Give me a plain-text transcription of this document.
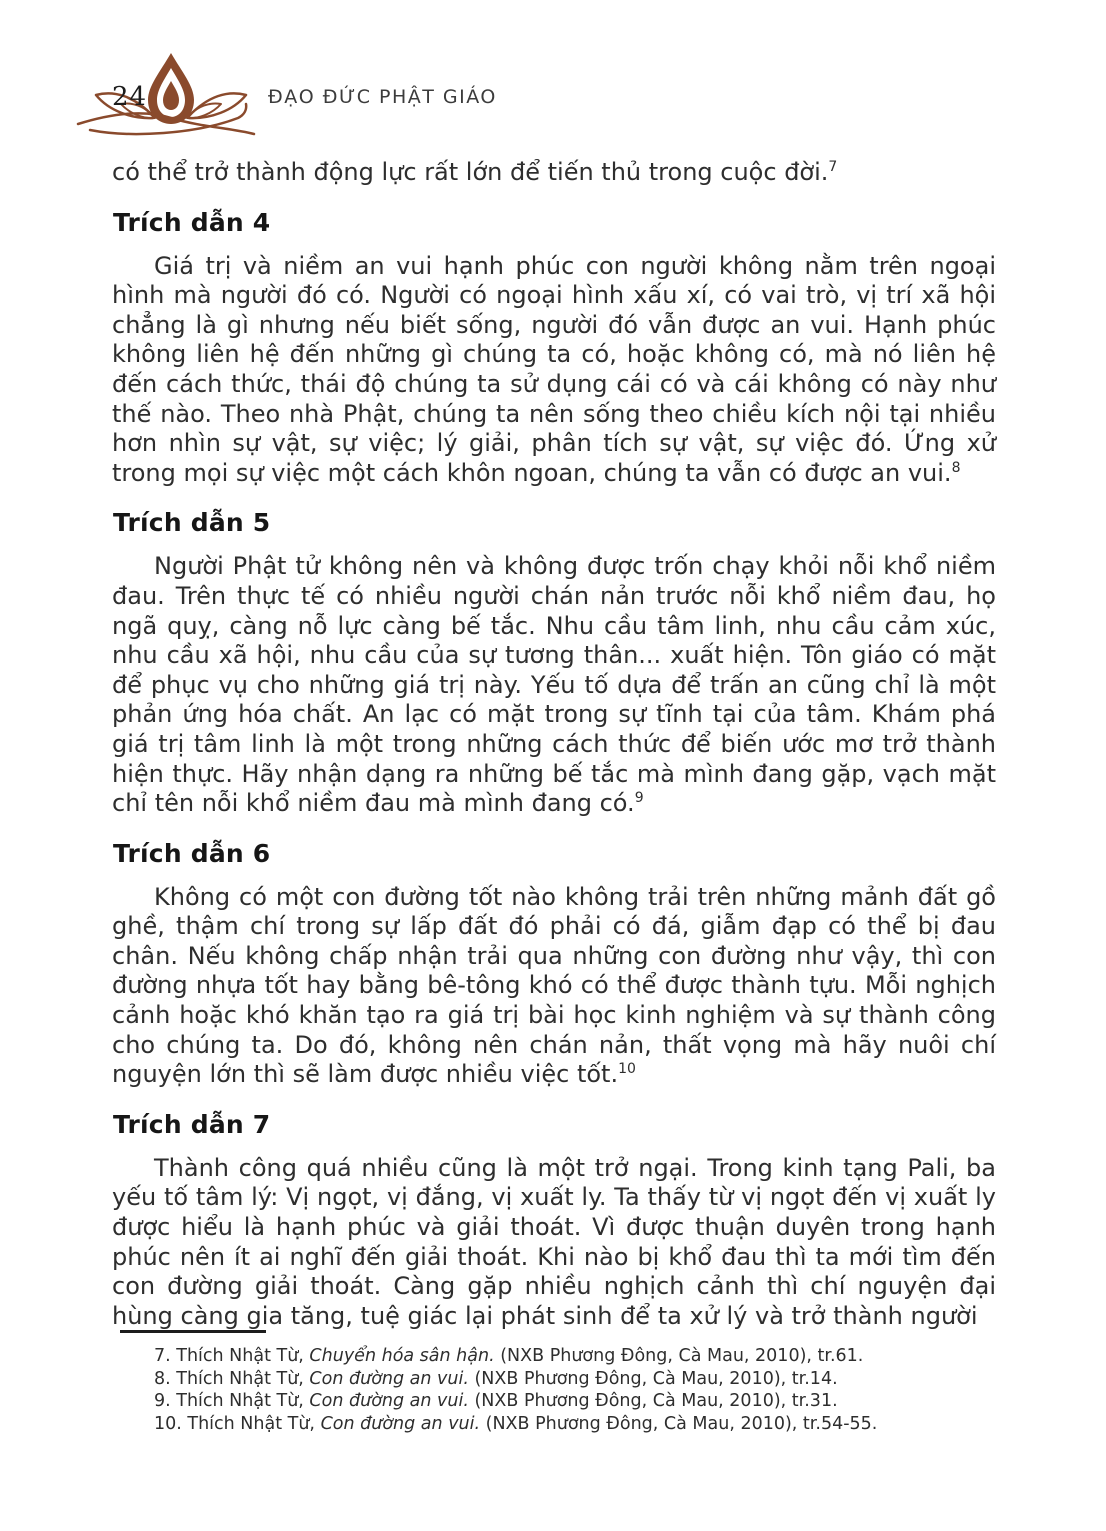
24	ĐẠO ĐỨC PHẬT GIÁO

có thể trở thành động lực rất lớn để tiến thủ trong cuộc đời.$^7$

Trích dẫn 4

Giá trị và niềm an vui hạnh phúc con người không nằm trên ngoại hình mà người đó có. Người có ngoại hình xấu xí, có vai trò, vị trí xã hội chẳng là gì nhưng nếu biết sống, người đó vẫn được an vui. Hạnh phúc không liên hệ đến những gì chúng ta có, hoặc không có, mà nó liên hệ đến cách thức, thái độ chúng ta sử dụng cái có và cái không có này như thế nào. Theo nhà Phật, chúng ta nên sống theo chiều kích nội tại nhiều hơn nhìn sự vật, sự việc; lý giải, phân tích sự vật, sự việc đó. Ứng xử trong mọi sự việc một cách khôn ngoan, chúng ta vẫn có được an vui.$^8$

Trích dẫn 5

Người Phật tử không nên và không được trốn chạy khỏi nỗi khổ niềm đau. Trên thực tế có nhiều người chán nản trước nỗi khổ niềm đau, họ ngã quỵ, càng nỗ lực càng bế tắc. Nhu cầu tâm linh, nhu cầu cảm xúc, nhu cầu xã hội, nhu cầu của sự tương thân... xuất hiện. Tôn giáo có mặt để phục vụ cho những giá trị này. Yếu tố dựa để trấn an cũng chỉ là một phản ứng hóa chất. An lạc có mặt trong sự tĩnh tại của tâm. Khám phá giá trị tâm linh là một trong những cách thức để biến ước mơ trở thành hiện thực. Hãy nhận dạng ra những bế tắc mà mình đang gặp, vạch mặt chỉ tên nỗi khổ niềm đau mà mình đang có.$^9$

Trích dẫn 6

Không có một con đường tốt nào không trải trên những mảnh đất gồ ghề, thậm chí trong sự lấp đất đó phải có đá, giẫm đạp có thể bị đau chân. Nếu không chấp nhận trải qua những con đường như vậy, thì con đường nhựa tốt hay bằng bê-tông khó có thể được thành tựu. Mỗi nghịch cảnh hoặc khó khăn tạo ra giá trị bài học kinh nghiệm và sự thành công cho chúng ta. Do đó, không nên chán nản, thất vọng mà hãy nuôi chí nguyện lớn thì sẽ làm được nhiều việc tốt.$^{10}$

Trích dẫn 7

Thành công quá nhiều cũng là một trở ngại. Trong kinh tạng Pali, ba yếu tố tâm lý: Vị ngọt, vị đắng, vị xuất ly. Ta thấy từ vị ngọt đến vị xuất ly được hiểu là hạnh phúc và giải thoát. Vì được thuận duyên trong hạnh phúc nên ít ai nghĩ đến giải thoát. Khi nào bị khổ đau thì ta mới tìm đến con đường giải thoát. Càng gặp nhiều nghịch cảnh thì chí nguyện đại hùng càng gia tăng, tuệ giác lại phát sinh để ta xử lý và trở thành người

7. Thích Nhật Từ, Chuyển hóa sân hận. (NXB Phương Đông, Cà Mau, 2010), tr.61.

8. Thích Nhật Từ, Con đường an vui. (NXB Phương Đông, Cà Mau, 2010), tr.14.

9. Thích Nhật Từ, Con đường an vui. (NXB Phương Đông, Cà Mau, 2010), tr.31.

10. Thích Nhật Từ, Con đường an vui. (NXB Phương Đông, Cà Mau, 2010), tr.54-55.
